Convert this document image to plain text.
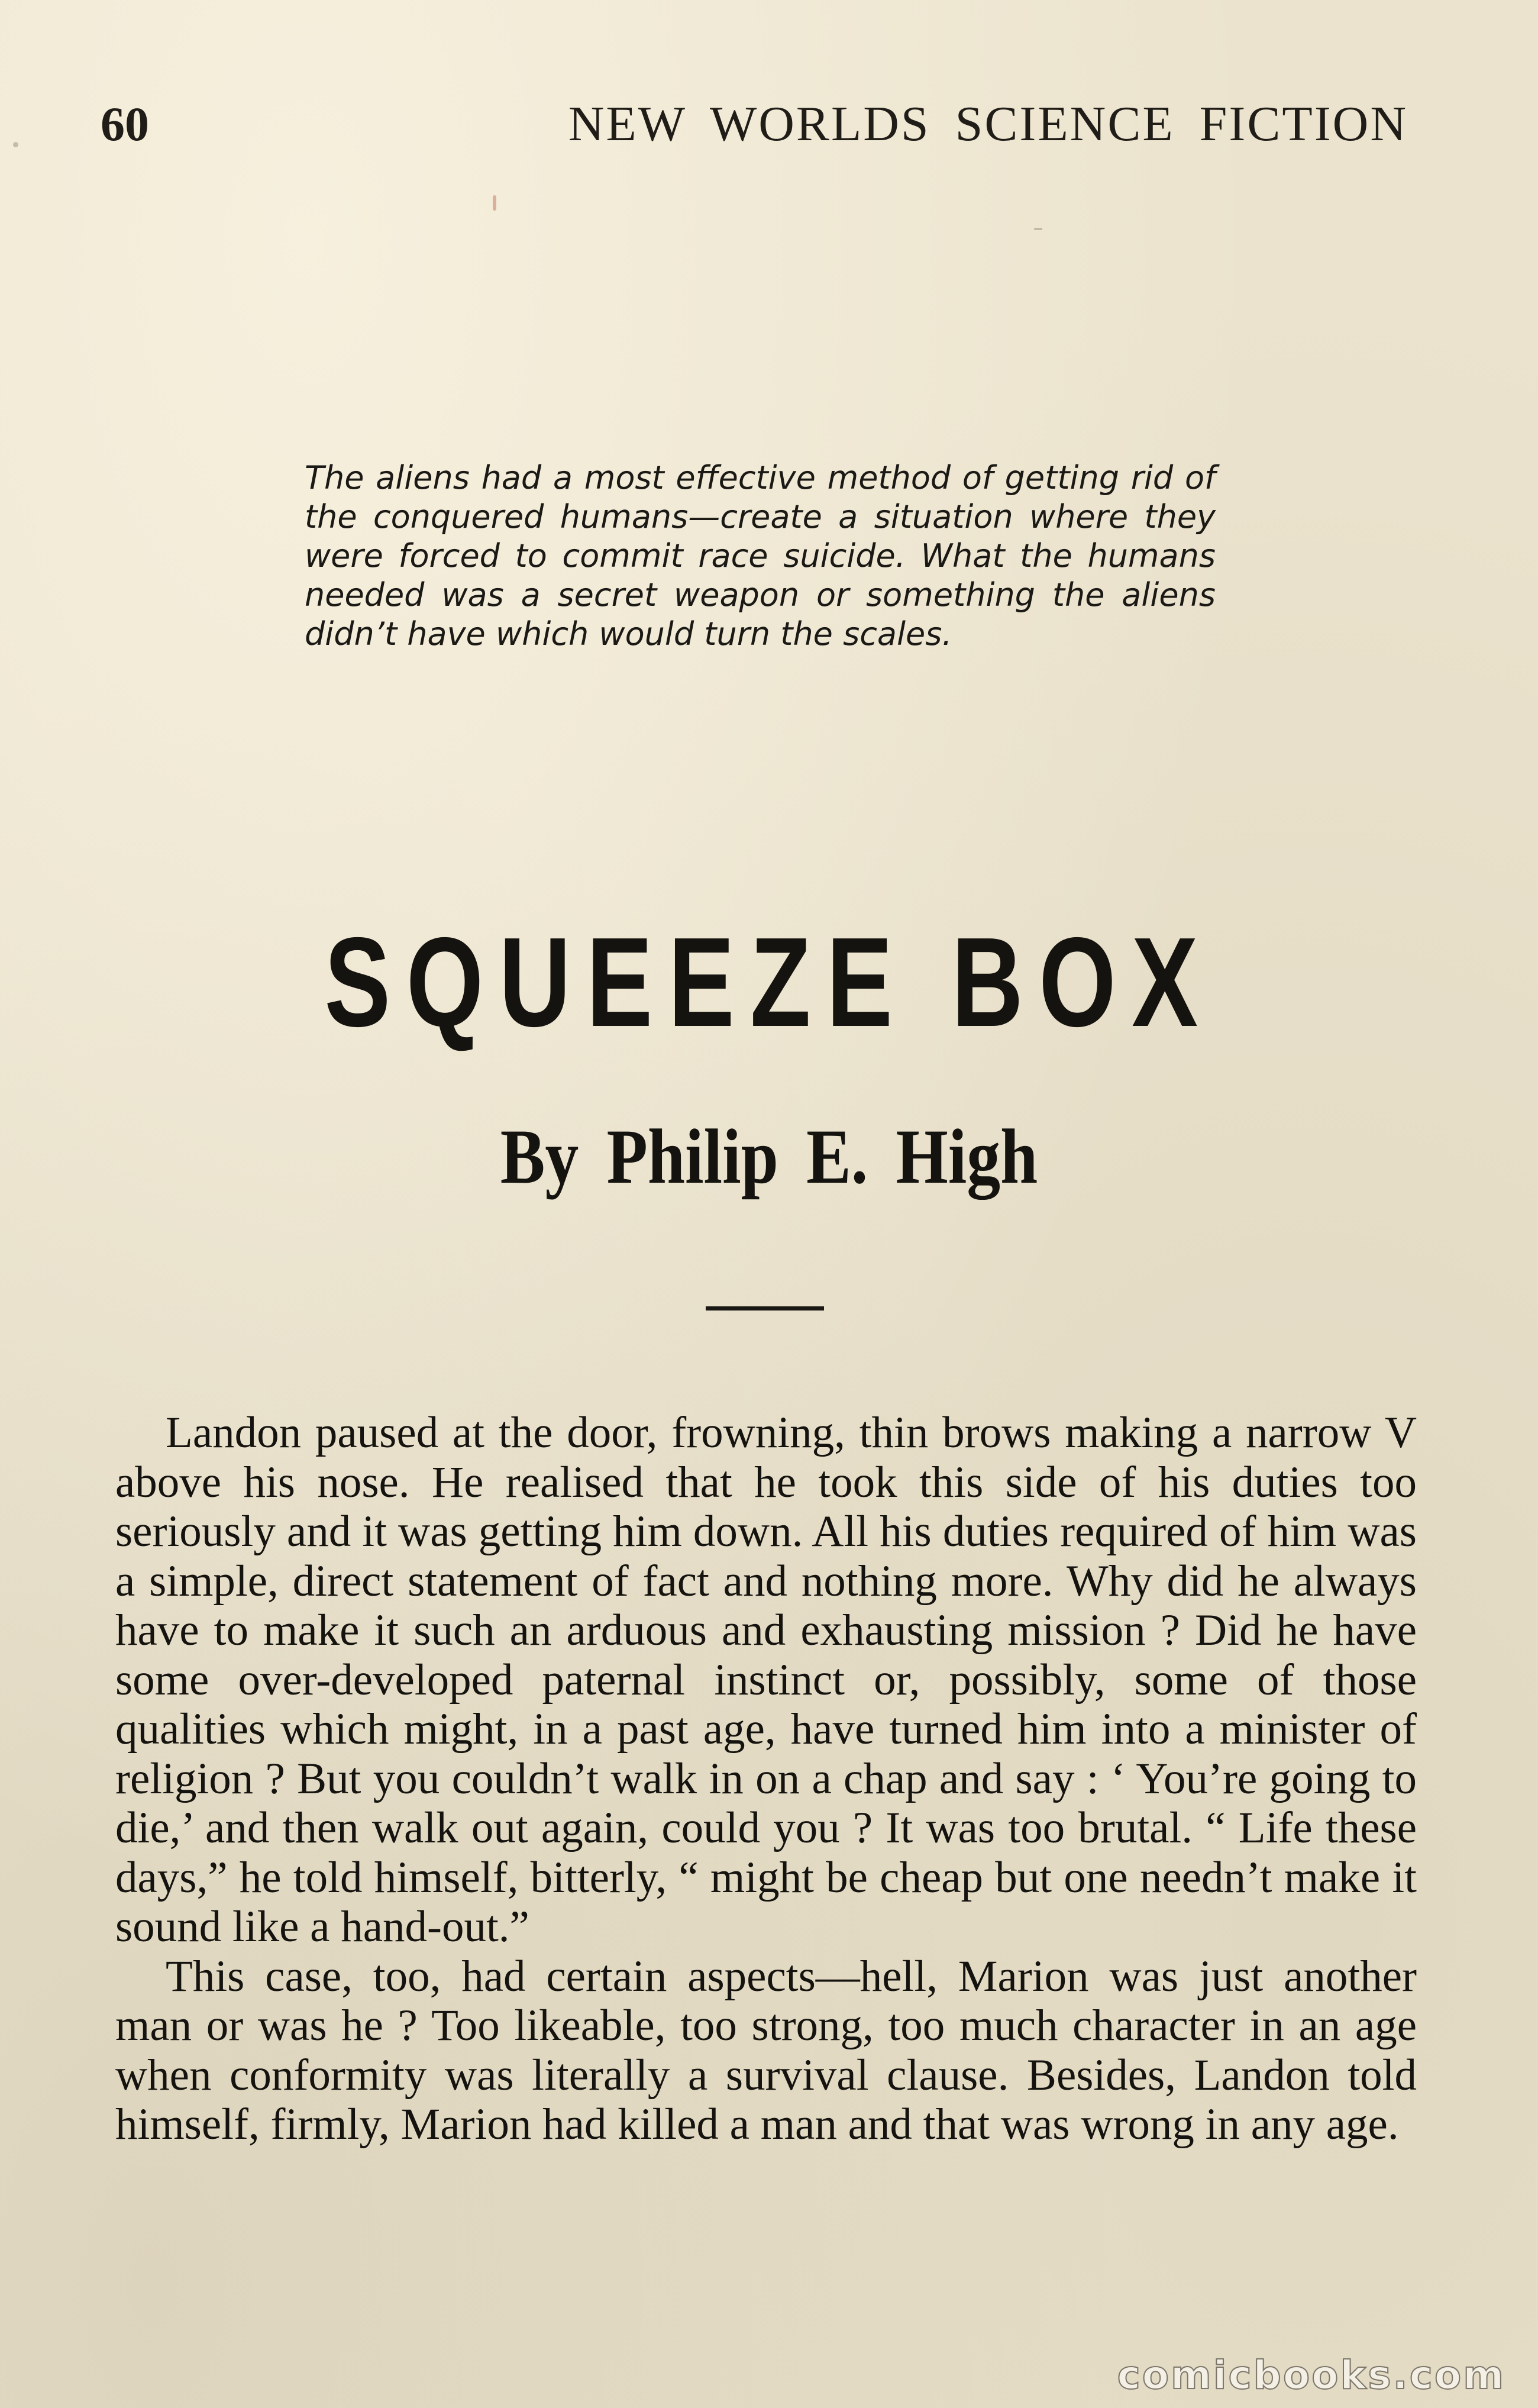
60	NEW WORLDS SCIENCE FICTION
The aliens had a most effective method of getting rid of the conquered humans—create a situation where they were forced to commit race suicide. What the humans needed was a secret weapon or something the aliens didn’t have which would turn the scales.
SQUEEZE BOX
By Philip E. High

Landon paused at the door, frowning, thin brows making a narrow V above his nose. He realised that he took this side of his duties too seriously and it was getting him down. All his duties required of him was a simple, direct statement of fact and nothing more. Why did he always have to make it such an arduous and exhausting mission ? Did he have some over-developed paternal instinct or, possibly, some of those qualities which might, in a past age, have turned him into a minister of religion ? But you couldn’t walk in on a chap and say : ‘ You’re going to die,’ and then walk out again, could you ? It was too brutal. “ Life these days,” he told himself, bitterly, “ might be cheap but one needn’t make it sound like a hand-out.”

This case, too, had certain aspects—hell, Marion was just another man or was he ? Too likeable, too strong, too much character in an age when conformity was literally a survival clause. Besides, Landon told himself, firmly, Marion had killed a man and that was wrong in any age.

comicbooks.com
